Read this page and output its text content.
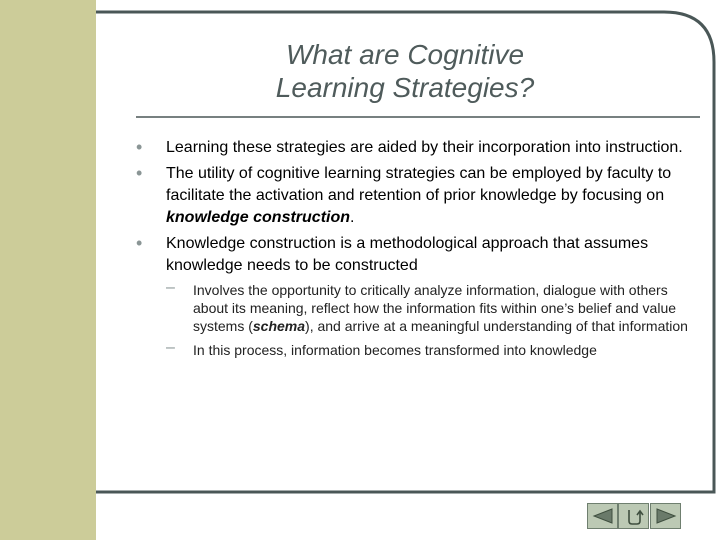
What are Cognitive
Learning Strategies?
• Learning these strategies are aided by their incorporation into instruction.
• The utility of cognitive learning strategies can be employed by faculty to facilitate the activation and retention of prior knowledge by focusing on knowledge construction.
• Knowledge construction is a methodological approach that assumes knowledge needs to be constructed
– Involves the opportunity to critically analyze information, dialogue with others about its meaning, reflect how the information fits within one’s belief and value systems (schema), and arrive at a meaningful understanding of that information
– In this process, information becomes transformed into knowledge
